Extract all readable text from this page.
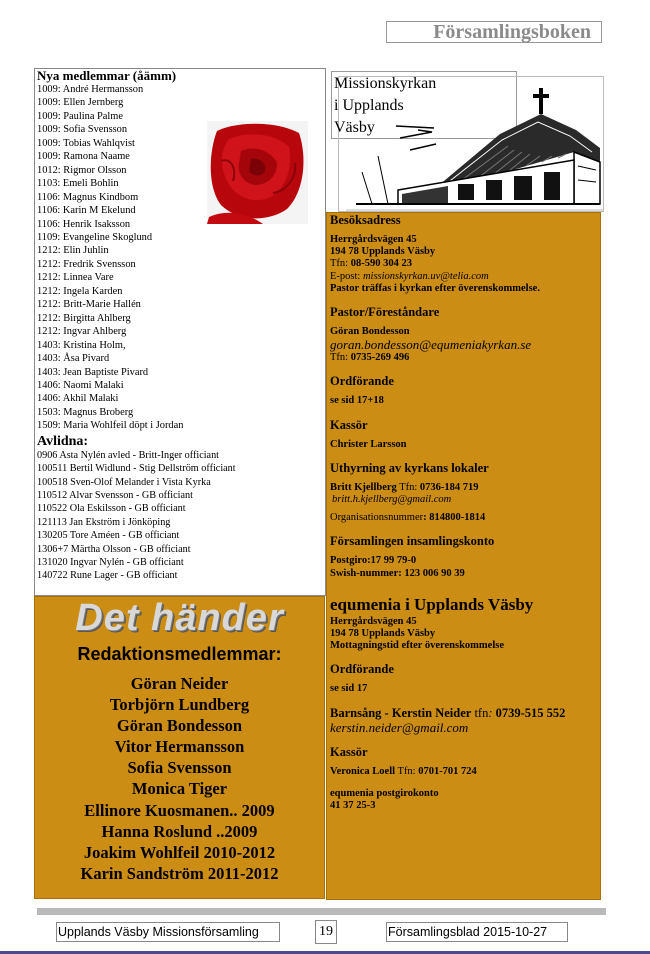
Församlingsboken
Nya medlemmar (åämm)
1009: André Hermansson
1009: Ellen Jernberg
1009: Paulina Palme
1009: Sofia Svensson
1009: Tobias Wahlqvist
1009: Ramona Naame
1012: Rigmor Olsson
1103: Emeli Bohlin
1106: Magnus Kindbom
1106: Karin M Ekelund
1106: Henrik Isaksson
1109: Evangeline Skoglund
1212: Elin Juhlin
1212: Fredrik Svensson
1212: Linnea Vare
1212: Ingela Karden
1212: Britt-Marie Hallén
1212: Birgitta Ahlberg
1212: Ingvar Ahlberg
1403: Kristina Holm,
1403: Åsa Pivard
1403: Jean Baptiste Pivard
1406: Naomi Malaki
1406: Akhil Malaki
1503: Magnus Broberg
1509: Maria Wohlfeil döpt i Jordan
Avlidna:
0906 Asta Nylén avled - Britt-Inger officiant
100511 Bertil Widlund - Stig Dellström officiant
100518 Sven-Olof Melander i Vista Kyrka
110512 Alvar Svensson - GB officiant
110522 Ola Eskilsson - GB officiant
121113 Jan Ekström i Jönköping
130205 Tore Améen - GB officiant
1306+7 Märtha Olsson - GB officiant
131020 Ingvar Nylén - GB officiant
140722 Rune Lager - GB officiant
Det händer
Redaktionsmedlemmar:
Göran Neider
Torbjörn Lundberg
Göran Bondesson
Vitor Hermansson
Sofia Svensson
Monica Tiger
Ellinore Kuosmanen.. 2009
Hanna Roslund ..2009
Joakim Wohlfeil 2010-2012
Karin Sandström 2011-2012
Missionskyrkan
i Upplands
Väsby
Besöksadress
Herrgårdsvägen 45
194 78 Upplands Väsby
Tfn: 08-590 304 23
E-post: missionskyrkan.uv@telia.com
Pastor träffas i kyrkan efter överenskommelse.
Pastor/Föreståndare
Göran Bondesson
goran.bondesson@equmeniakyrkan.se
Tfn: 0735-269 496
Ordförande
se sid 17+18
Kassör
Christer Larsson
Uthyrning av kyrkans lokaler
Britt Kjellberg Tfn: 0736-184 719
britt.h.kjellberg@gmail.com
Organisationsnummer: 814800-1814
Församlingen insamlingskonto
Postgiro:17 99 79-0
Swish-nummer: 123 006 90 39
equmenia i Upplands Väsby
Herrgårdsvägen 45
194 78 Upplands Väsby
Mottagningstid efter överenskommelse
Ordförande
se sid 17
Barnsång - Kerstin Neider tfn: 0739-515 552
kerstin.neider@gmail.com
Kassör
Veronica Loell Tfn: 0701-701 724
equmenia postgirokonto
41 37 25-3
Upplands Väsby Missionsförsamling	19	Församlingsblad 2015-10-27
